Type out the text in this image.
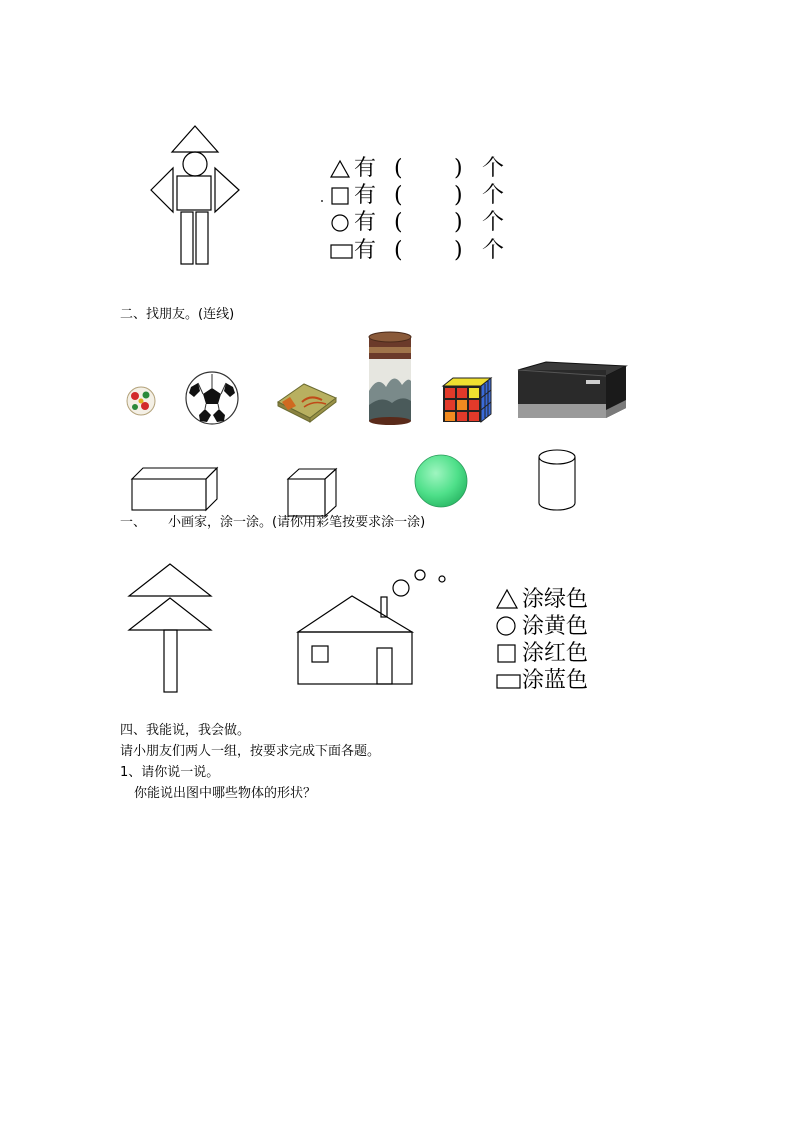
有 ( ) 个
有 ( ) 个
有 ( ) 个
有 ( ) 个
二、找朋友。(连线)
一、 小画家，涂一涂。(请你用彩笔按要求涂一涂)
涂绿色
涂黄色
涂红色
涂蓝色
四、我能说，我会做。
请小朋友们两人一组，按要求完成下面各题。
1、请你说一说。
你能说出图中哪些物体的形状？
